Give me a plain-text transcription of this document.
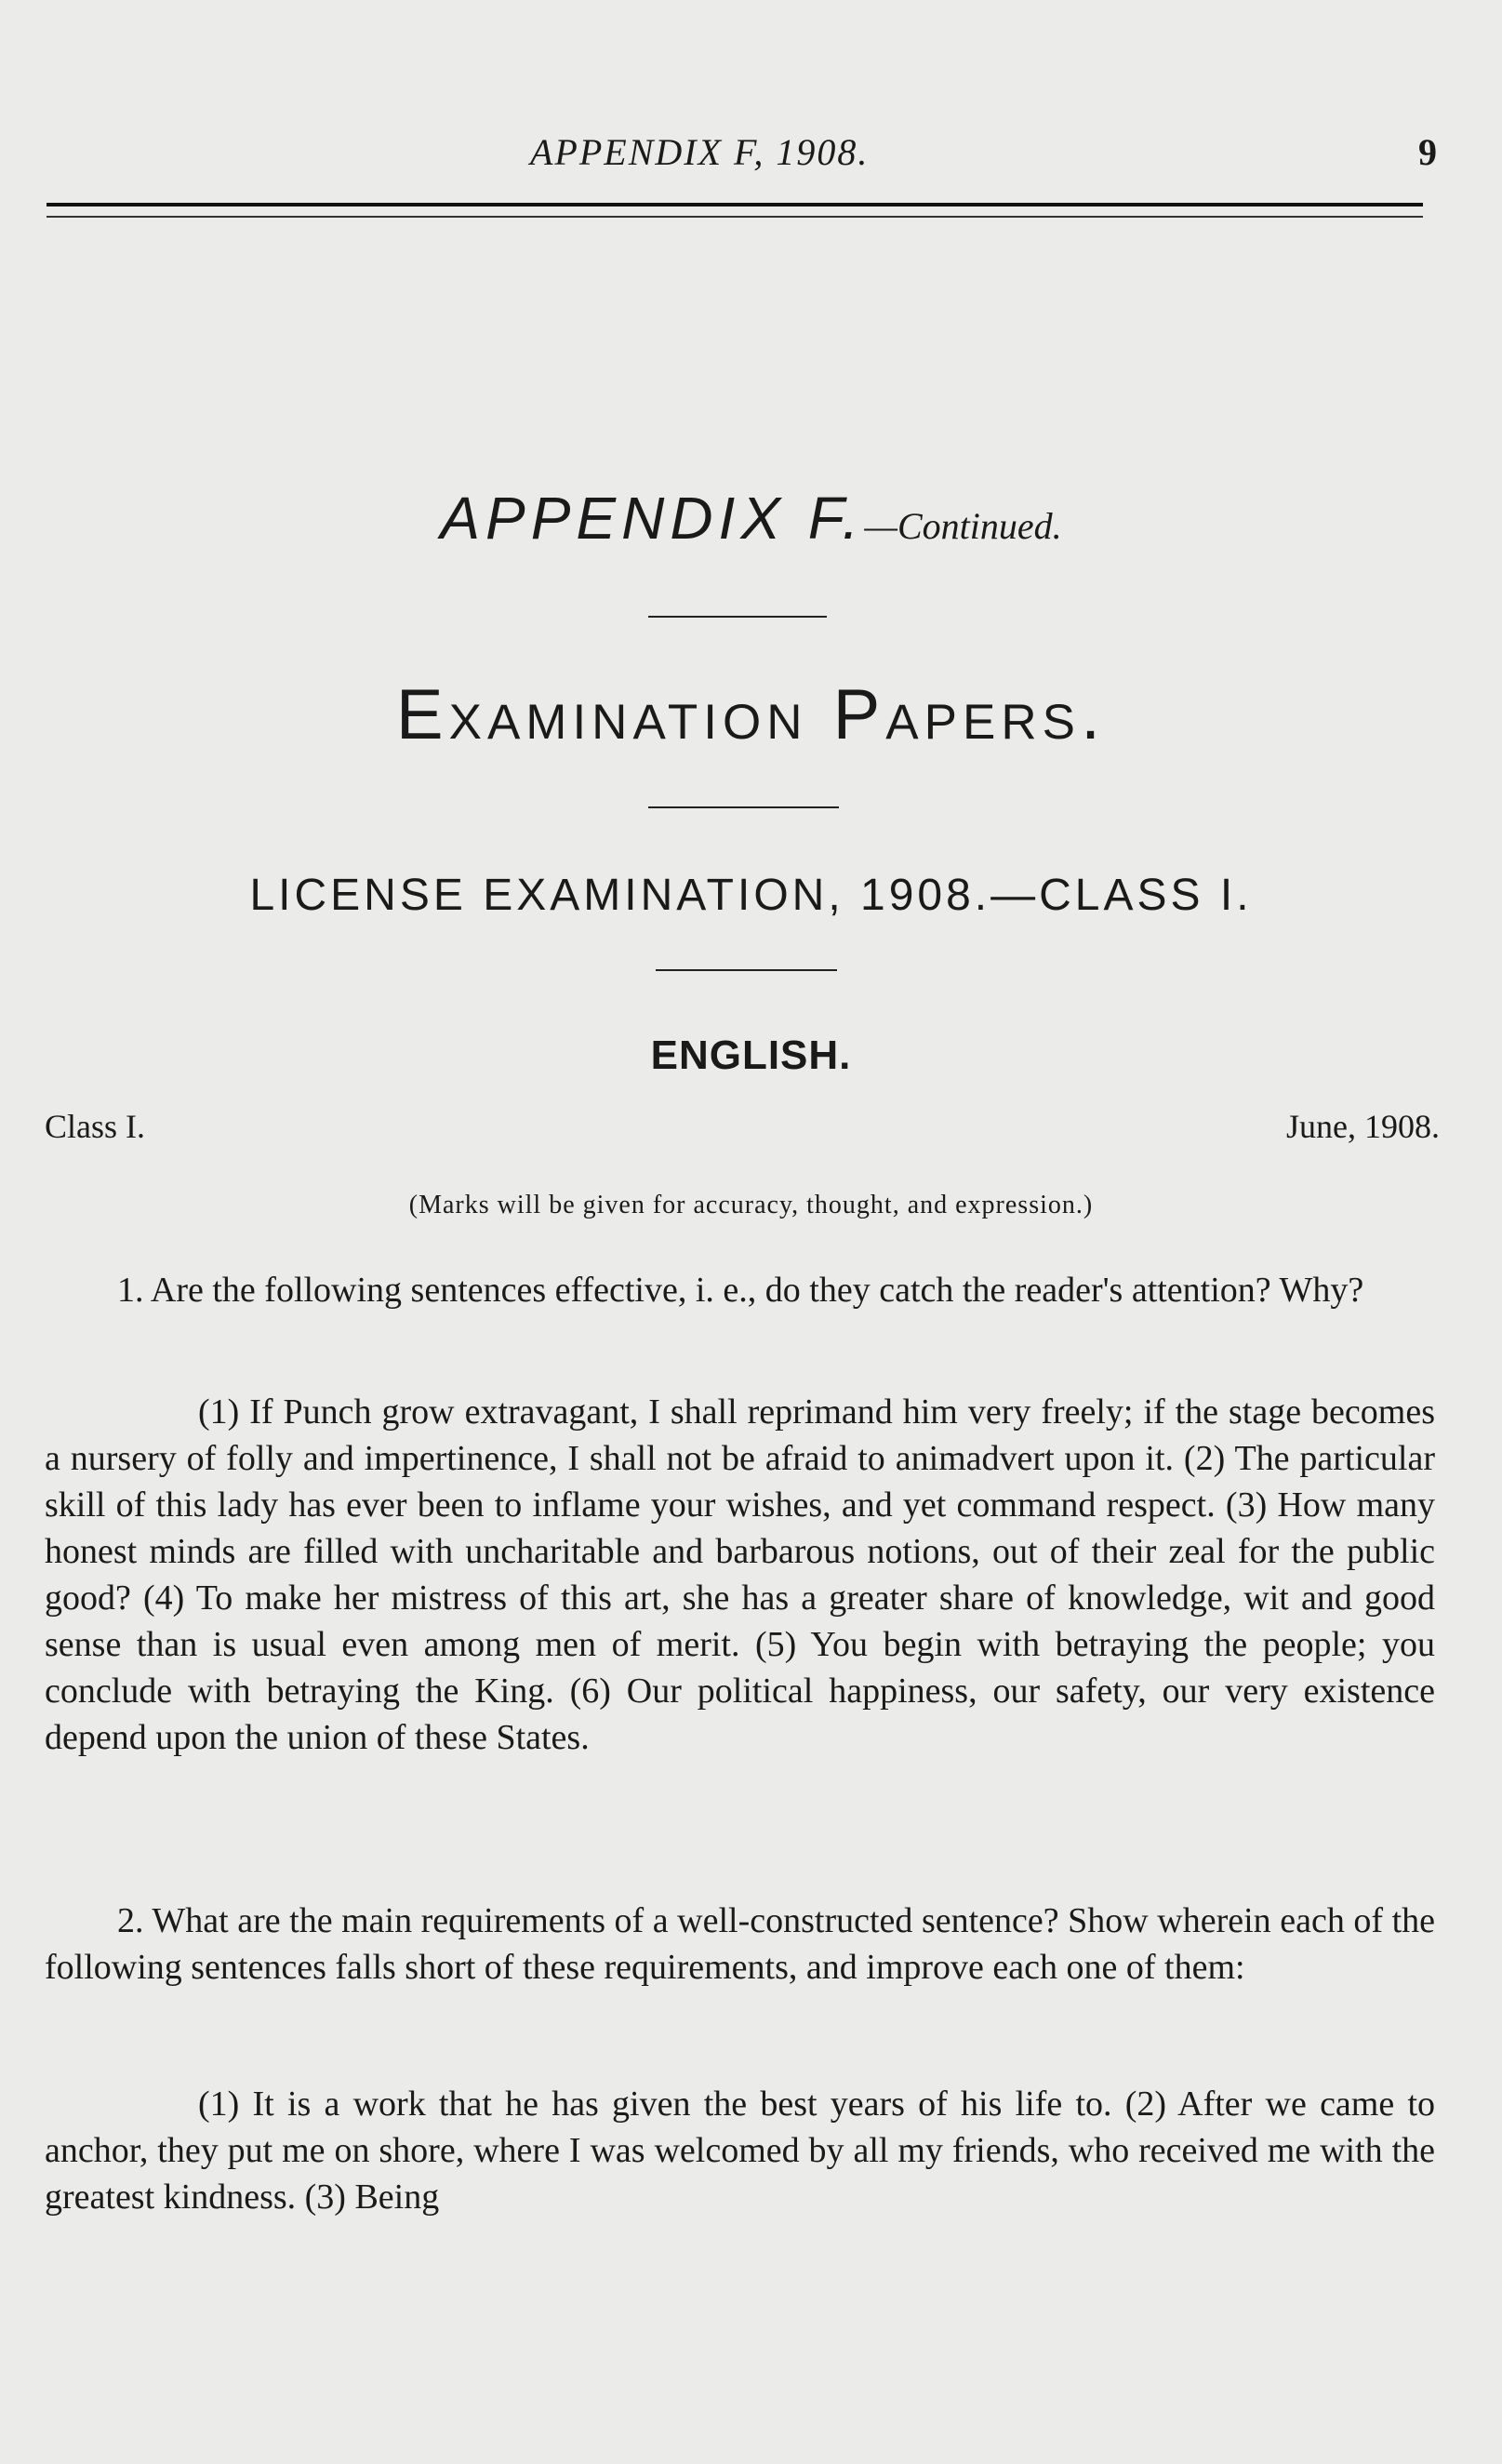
APPENDIX F, 1908.	9
APPENDIX F.—Continued.
Examination Papers.
LICENSE EXAMINATION, 1908.—CLASS I.
ENGLISH.
Class I.	June, 1908.
(Marks will be given for accuracy, thought, and expression.)
1. Are the following sentences effective, i. e., do they catch the reader's attention? Why?
(1) If Punch grow extravagant, I shall reprimand him very freely; if the stage becomes a nursery of folly and impertinence, I shall not be afraid to animadvert upon it. (2) The particular skill of this lady has ever been to inflame your wishes, and yet command respect. (3) How many honest minds are filled with uncharitable and barbarous notions, out of their zeal for the public good? (4) To make her mistress of this art, she has a greater share of knowledge, wit and good sense than is usual even among men of merit. (5) You begin with betraying the people; you conclude with betraying the King. (6) Our political happiness, our safety, our very existence depend upon the union of these States.
2. What are the main requirements of a well-constructed sentence? Show wherein each of the following sentences falls short of these requirements, and improve each one of them:
(1) It is a work that he has given the best years of his life to. (2) After we came to anchor, they put me on shore, where I was welcomed by all my friends, who received me with the greatest kindness. (3) Being
